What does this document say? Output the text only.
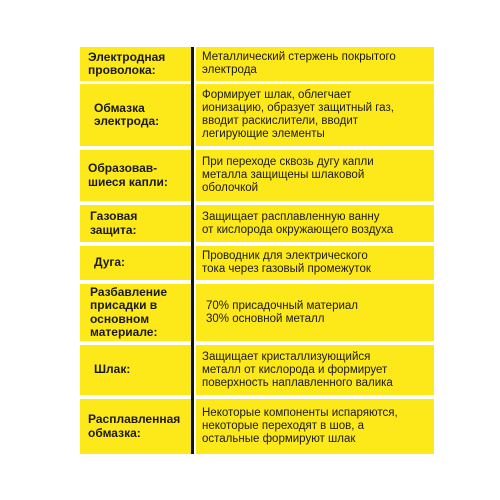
Электродная
проволока:
Металлический стержень покрытого
электрода
Обмазка
электрода:
Формирует шлак, облегчает
ионизацию, образует защитный газ,
вводит раскислители, вводит
легирующие элементы
Образовав-
шиеся капли:
При переходе сквозь дугу капли
металла защищены шлаковой
оболочкой
Газовая
защита:
Защищает расплавленную ванну
от кислорода окружающего воздуха
Дуга:	Проводник для электрического
тока через газовый промежуток
Разбавление
присадки в
основном
материале:
70% присадочный материал
30% основной металл
Шлак:
Защищает кристаллизующийся
металл от кислорода и формирует
поверхность наплавленного валика
Расплавленная
обмазка:
Некоторые компоненты испаряются,
некоторые переходят в шов, а
остальные формируют шлак
